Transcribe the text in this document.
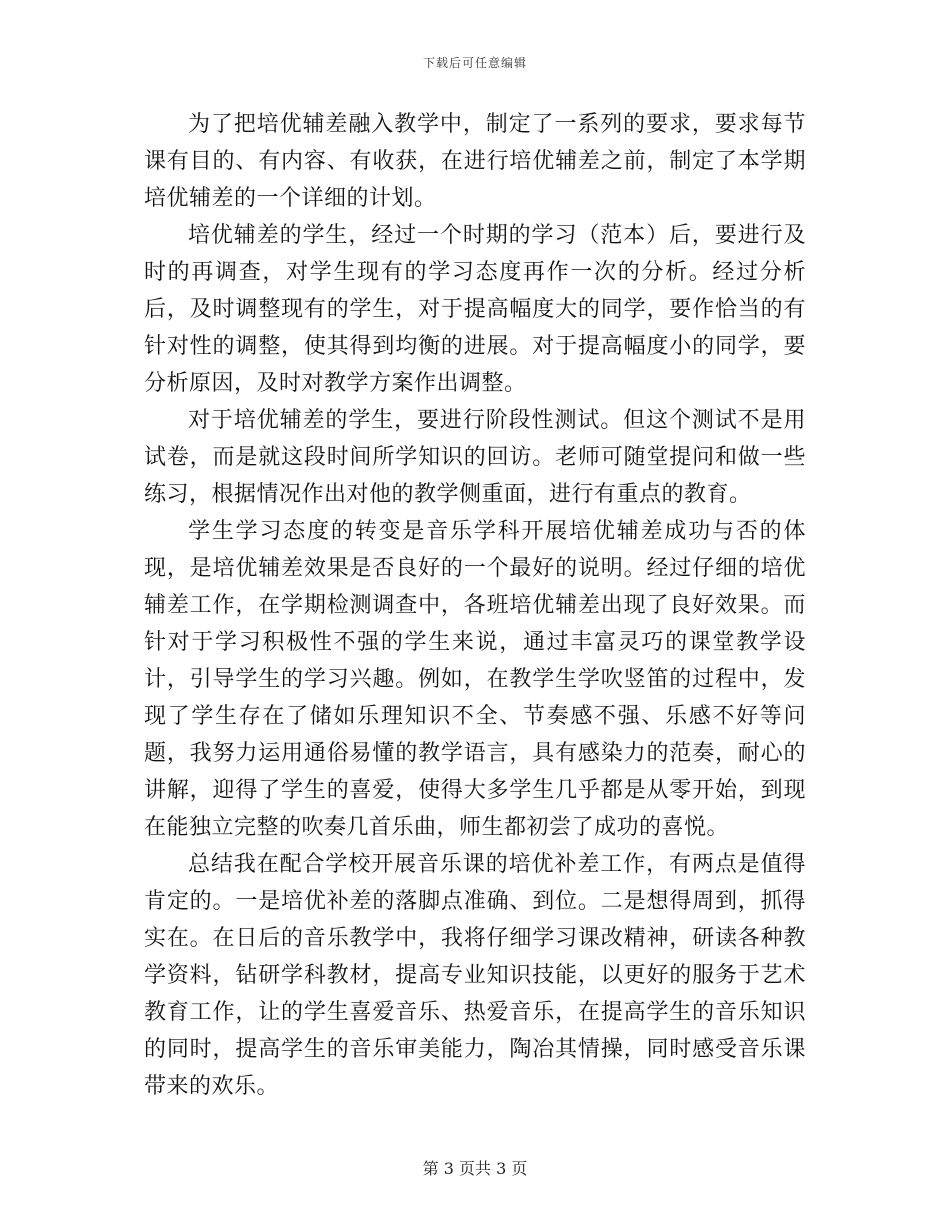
下载后可任意编辑

为了把培优辅差融入教学中，制定了一系列的要求，要求每节课有目的、有内容、有收获，在进行培优辅差之前，制定了本学期培优辅差的一个详细的计划。

培优辅差的学生，经过一个时期的学习（范本）后，要进行及时的再调查，对学生现有的学习态度再作一次的分析。经过分析后，及时调整现有的学生，对于提高幅度大的同学，要作恰当的有针对性的调整，使其得到均衡的进展。对于提高幅度小的同学，要分析原因，及时对教学方案作出调整。

对于培优辅差的学生，要进行阶段性测试。但这个测试不是用试卷，而是就这段时间所学知识的回访。老师可随堂提问和做一些练习，根据情况作出对他的教学侧重面，进行有重点的教育。

学生学习态度的转变是音乐学科开展培优辅差成功与否的体现，是培优辅差效果是否良好的一个最好的说明。经过仔细的培优辅差工作，在学期检测调查中，各班培优辅差出现了良好效果。而针对于学习积极性不强的学生来说，通过丰富灵巧的课堂教学设计，引导学生的学习兴趣。例如，在教学生学吹竖笛的过程中，发现了学生存在了储如乐理知识不全、节奏感不强、乐感不好等问题，我努力运用通俗易懂的教学语言，具有感染力的范奏，耐心的讲解，迎得了学生的喜爱，使得大多学生几乎都是从零开始，到现在能独立完整的吹奏几首乐曲，师生都初尝了成功的喜悦。

总结我在配合学校开展音乐课的培优补差工作，有两点是值得肯定的。一是培优补差的落脚点准确、到位。二是想得周到，抓得实在。在日后的音乐教学中，我将仔细学习课改精神，研读各种教学资料，钻研学科教材，提高专业知识技能，以更好的服务于艺术教育工作，让的学生喜爱音乐、热爱音乐，在提高学生的音乐知识的同时，提高学生的音乐审美能力，陶冶其情操，同时感受音乐课带来的欢乐。

第 3 页共 3 页
